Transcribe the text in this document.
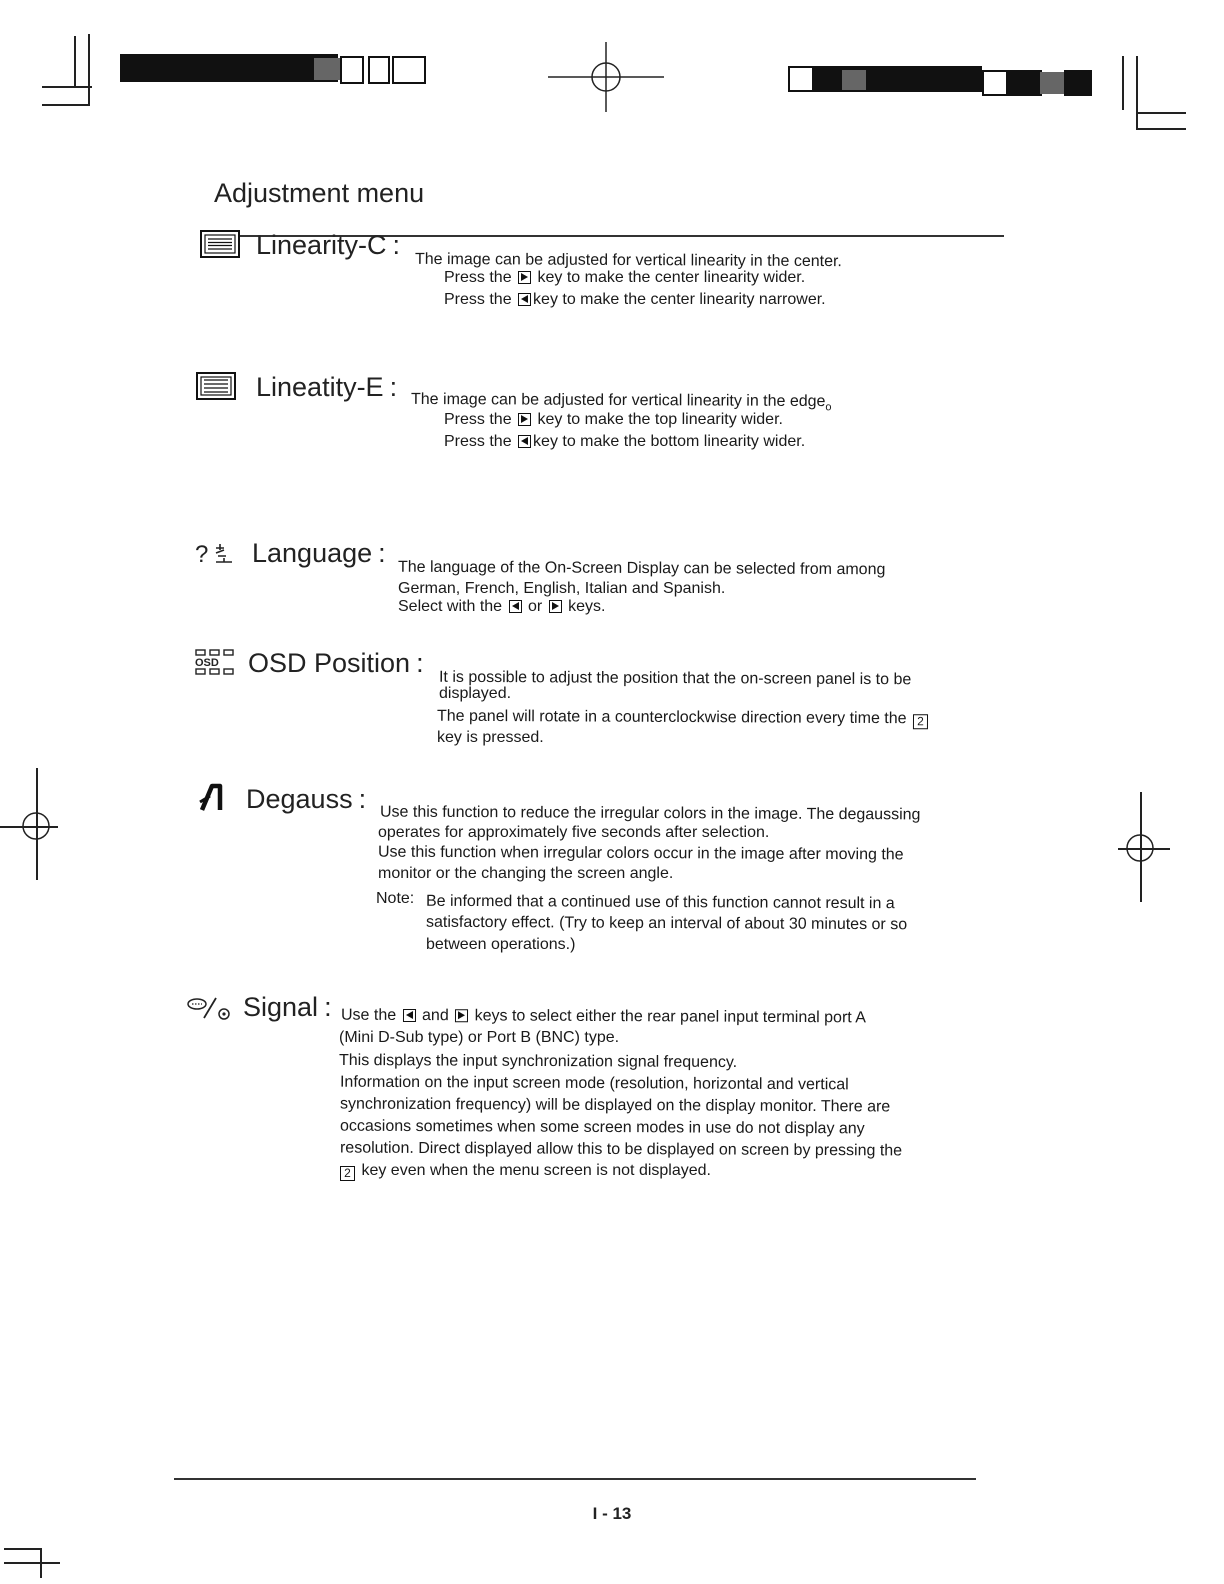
Adjustment menu
Linearity-C :
The image can be adjusted for vertical linearity in the center.
Press the key to make the center linearity wider.
Press the key to make the center linearity narrower.
Lineatity-E : The image can be adjusted for vertical linearity in the edge$_o$
Press the key to make the top linearity wider.
Press the key to make the bottom linearity wider.
? Language :
The language of the On-Screen Display can be selected from among
German, French, English, Italian and Spanish.
Select with the or keys.
OSD OSD Position :
It is possible to adjust the position that the on-screen panel is to be
displayed.
The panel will rotate in a counterclockwise direction every time the 2
key is pressed.
Degauss : Use this function to reduce the irregular colors in the image. The degaussing
operates for approximately five seconds after selection.
Use this function when irregular colors occur in the image after moving the
monitor or the changing the screen angle.
Note: Be informed that a continued use of this function cannot result in a
satisfactory effect. (Try to keep an interval of about 30 minutes or so
between operations.)
Signal : Use the and keys to select either the rear panel input terminal port A
(Mini D-Sub type) or Port B (BNC) type.
This displays the input synchronization signal frequency.
Information on the input screen mode (resolution, horizontal and vertical
synchronization frequency) will be displayed on the display monitor. There are
occasions sometimes when some screen modes in use do not display any
resolution. Direct displayed allow this to be displayed on screen by pressing the
2 key even when the menu screen is not displayed.
I - 13
